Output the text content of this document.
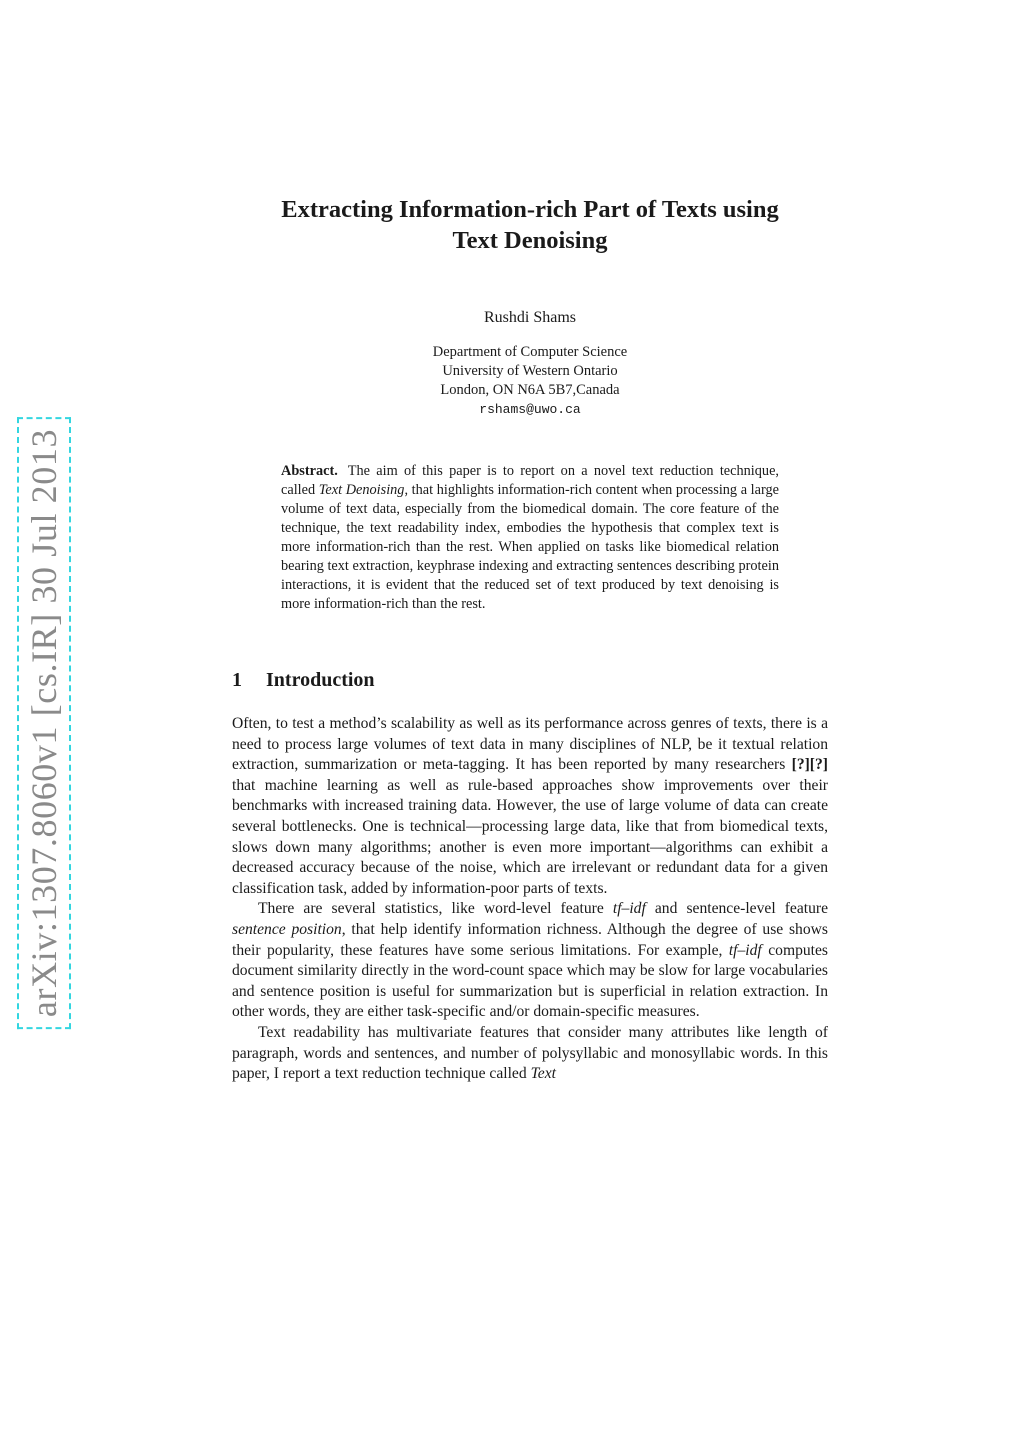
arXiv:1307.8060v1 [cs.IR] 30 Jul 2013
Extracting Information-rich Part of Texts using
Text Denoising
Rushdi Shams
Department of Computer Science
University of Western Ontario
London, ON N6A 5B7,Canada
rshams@uwo.ca
Abstract. The aim of this paper is to report on a novel text reduction technique, called Text Denoising, that highlights information-rich content when processing a large volume of text data, especially from the biomedical domain. The core feature of the technique, the text readability index, embodies the hypothesis that complex text is more information-rich than the rest. When applied on tasks like biomedical relation bearing text extraction, keyphrase indexing and extracting sentences describing protein interactions, it is evident that the reduced set of text produced by text denoising is more information-rich than the rest.
1 Introduction

Often, to test a method’s scalability as well as its performance across genres of texts, there is a need to process large volumes of text data in many disciplines of NLP, be it textual relation extraction, summarization or meta-tagging. It has been reported by many researchers [?][?] that machine learning as well as rule-based approaches show improvements over their benchmarks with increased training data. However, the use of large volume of data can create several bottlenecks. One is technical—processing large data, like that from biomedical texts, slows down many algorithms; another is even more important—algorithms can exhibit a decreased accuracy because of the noise, which are irrelevant or redundant data for a given classification task, added by information-poor parts of texts.

There are several statistics, like word-level feature tf–idf and sentence-level feature sentence position, that help identify information richness. Although the degree of use shows their popularity, these features have some serious limitations. For example, tf–idf computes document similarity directly in the word-count space which may be slow for large vocabularies and sentence position is useful for summarization but is superficial in relation extraction. In other words, they are either task-specific and/or domain-specific measures.

Text readability has multivariate features that consider many attributes like length of paragraph, words and sentences, and number of polysyllabic and monosyllabic words. In this paper, I report a text reduction technique called Text
